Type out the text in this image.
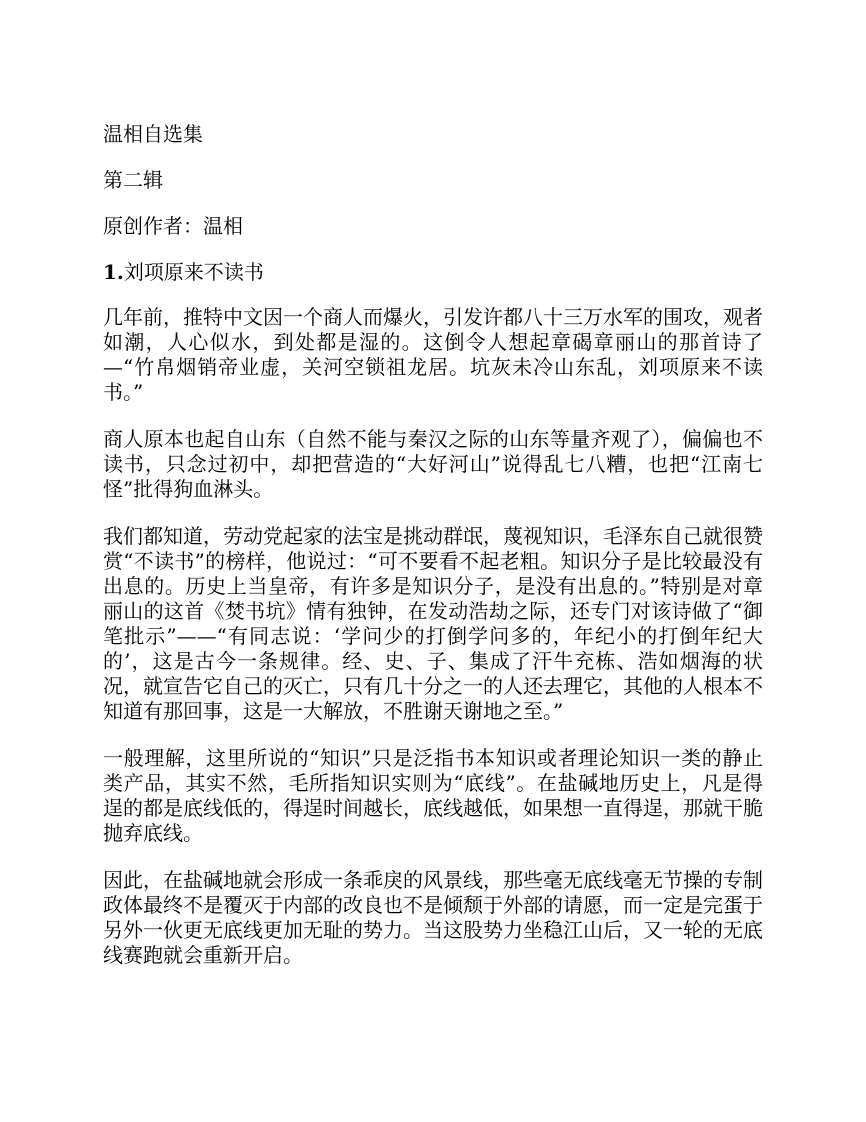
温相自选集
第二辑
原创作者：温相
1.刘项原来不读书

几年前，推特中文因一个商人而爆火，引发许都八十三万水军的围攻，观者如潮，人心似水，到处都是湿的。这倒令人想起章碣章丽山的那首诗了—“竹帛烟销帝业虚，关河空锁祖龙居。坑灰未冷山东乱，刘项原来不读书。”

商人原本也起自山东（自然不能与秦汉之际的山东等量齐观了），偏偏也不读书，只念过初中，却把营造的“大好河山”说得乱七八糟，也把“江南七怪”批得狗血淋头。

我们都知道，劳动党起家的法宝是挑动群氓，蔑视知识，毛泽东自己就很赞赏“不读书”的榜样，他说过：“可不要看不起老粗。知识分子是比较最没有出息的。历史上当皇帝，有许多是知识分子，是没有出息的。”特别是对章丽山的这首《焚书坑》情有独钟，在发动浩劫之际，还专门对该诗做了“御笔批示”——“有同志说：‘学问少的打倒学问多的，年纪小的打倒年纪大的’，这是古今一条规律。经、史、子、集成了汗牛充栋、浩如烟海的状况，就宣告它自己的灭亡，只有几十分之一的人还去理它，其他的人根本不知道有那回事，这是一大解放，不胜谢天谢地之至。”

一般理解，这里所说的“知识”只是泛指书本知识或者理论知识一类的静止类产品，其实不然，毛所指知识实则为“底线”。在盐碱地历史上，凡是得逞的都是底线低的，得逞时间越长，底线越低，如果想一直得逞，那就干脆抛弃底线。

因此，在盐碱地就会形成一条乖戾的风景线，那些毫无底线毫无节操的专制政体最终不是覆灭于内部的改良也不是倾颓于外部的请愿，而一定是完蛋于另外一伙更无底线更加无耻的势力。当这股势力坐稳江山后，又一轮的无底线赛跑就会重新开启。
